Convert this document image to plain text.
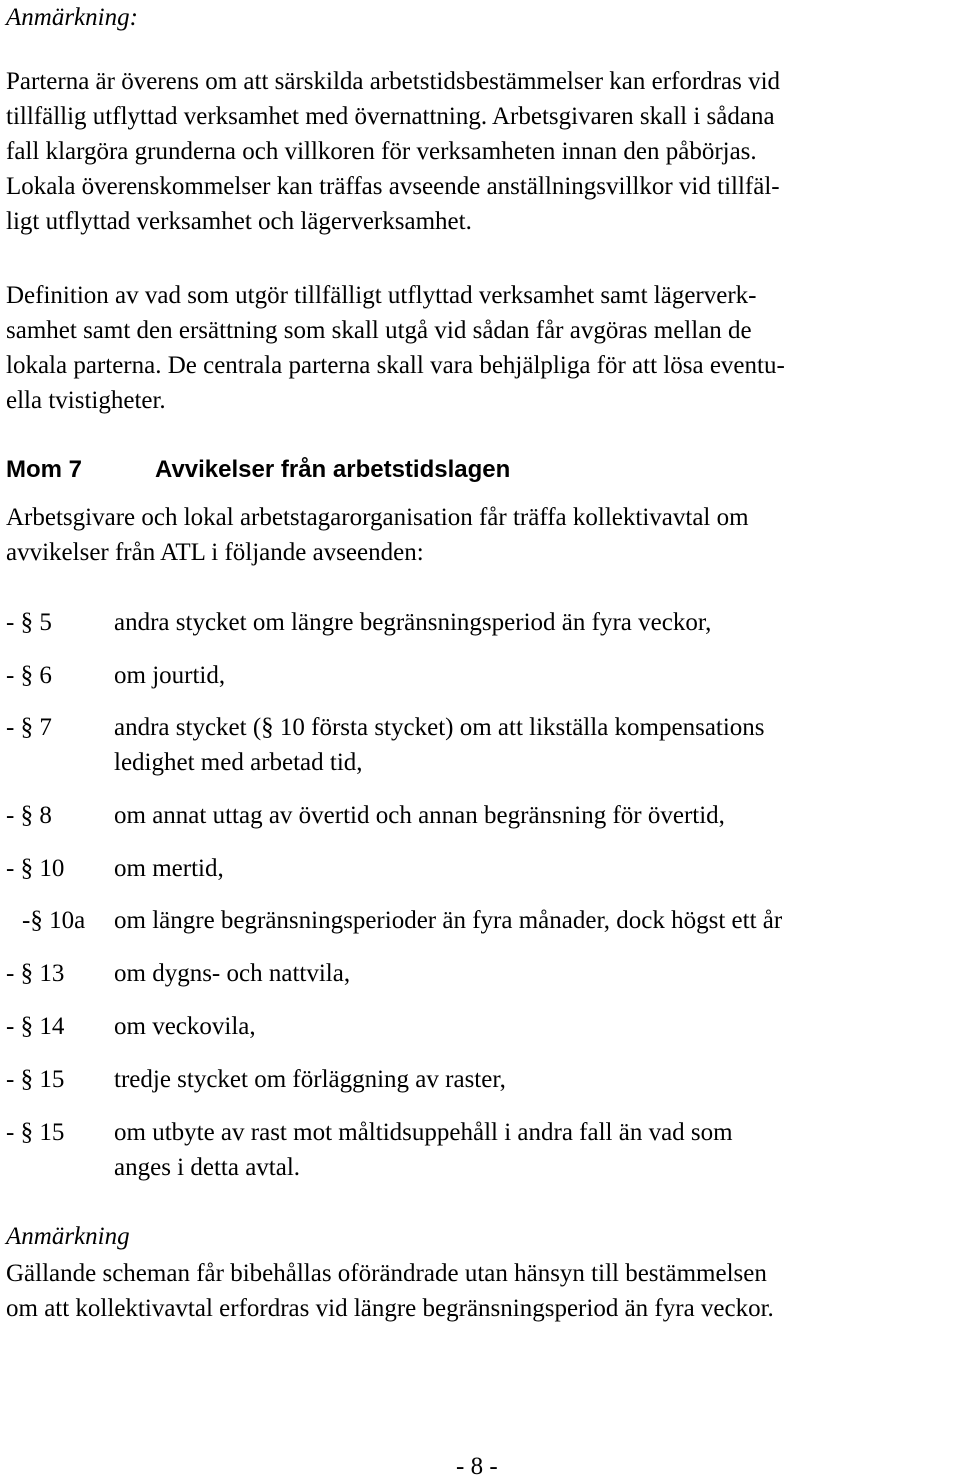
Anmärkning:
Parterna är överens om att särskilda arbetstidsbestämmelser kan erfordras vid
tillfällig utflyttad verksamhet med övernattning. Arbetsgivaren skall i sådana
fall klargöra grunderna och villkoren för verksamheten innan den påbörjas.
Lokala överenskommelser kan träffas avseende anställningsvillkor vid tillfäl-
ligt utflyttad verksamhet och lägerverksamhet.
Definition av vad som utgör tillfälligt utflyttad verksamhet samt lägerverk-
samhet samt den ersättning som skall utgå vid sådan får avgöras mellan de
lokala parterna. De centrala parterna skall vara behjälpliga för att lösa eventu-
ella tvistigheter.
Mom 7	Avvikelser från arbetstidslagen
Arbetsgivare och lokal arbetstagarorganisation får träffa kollektivavtal om
avvikelser från ATL i följande avseenden:
- § 5 andra stycket om längre begränsningsperiod än fyra veckor,
- § 6 om jourtid,
- § 7 andra stycket (§ 10 första stycket) om att likställa kompensations
ledighet med arbetad tid,
- § 8 om annat uttag av övertid och annan begränsning för övertid,
- § 10 om mertid,
-§ 10a om längre begränsningsperioder än fyra månader, dock högst ett år
- § 13 om dygns- och nattvila,
- § 14 om veckovila,
- § 15 tredje stycket om förläggning av raster,
- § 15 om utbyte av rast mot måltidsuppehåll i andra fall än vad som
anges i detta avtal.
Anmärkning
Gällande scheman får bibehållas oförändrade utan hänsyn till bestämmelsen
om att kollektivavtal erfordras vid längre begränsningsperiod än fyra veckor.
- 8 -
